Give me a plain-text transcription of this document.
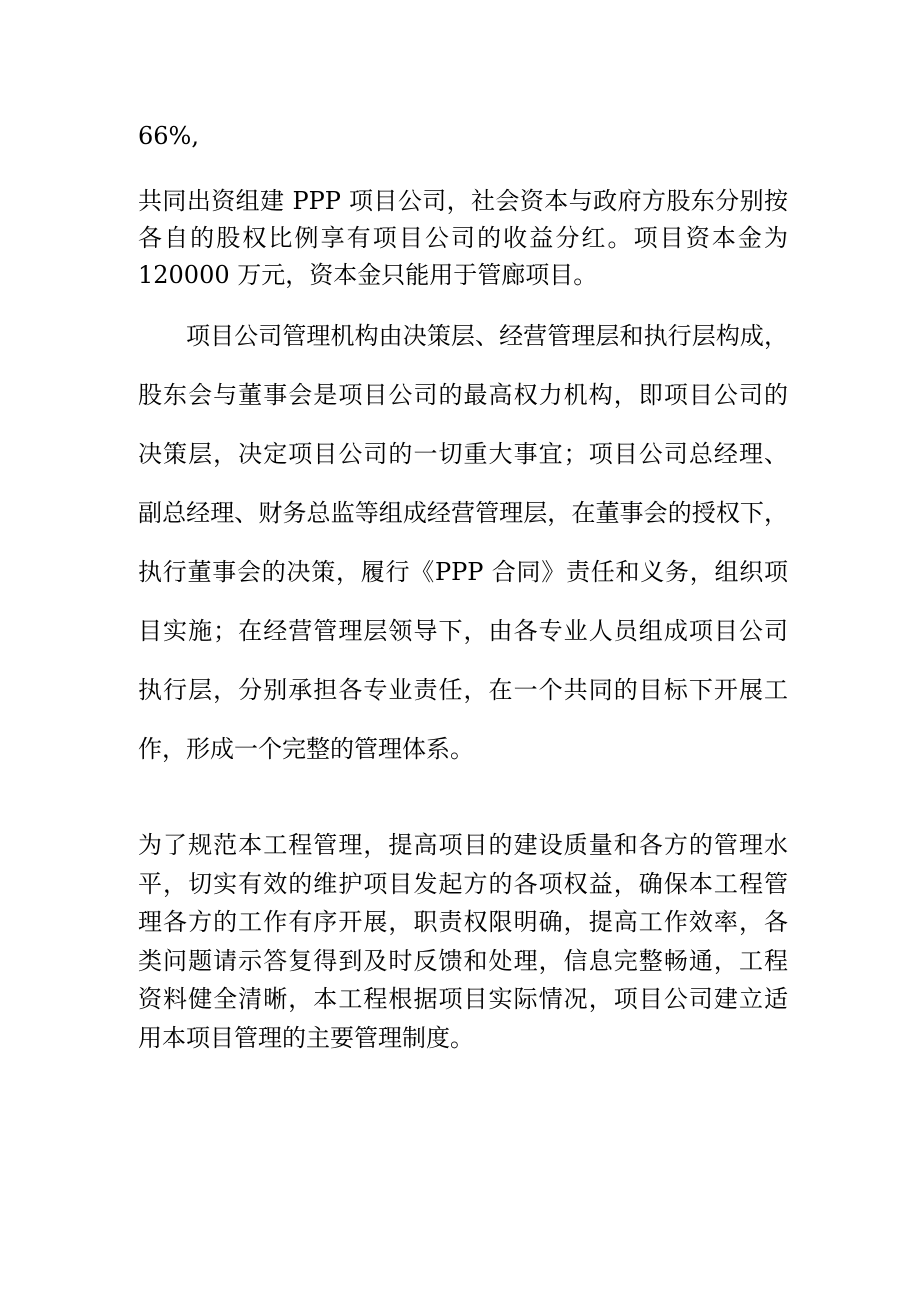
66%,
共同出资组建 PPP 项目公司，社会资本与政府方股东分别按
各自的股权比例享有项目公司的收益分红。项目资本金为
120000 万元，资本金只能用于管廊项目。
项目公司管理机构由决策层、经营管理层和执行层构成，
股东会与董事会是项目公司的最高权力机构，即项目公司的
决策层，决定项目公司的一切重大事宜；项目公司总经理、
副总经理、财务总监等组成经营管理层，在董事会的授权下，
执行董事会的决策，履行《PPP 合同》责任和义务，组织项
目实施；在经营管理层领导下，由各专业人员组成项目公司
执行层，分别承担各专业责任，在一个共同的目标下开展工
作，形成一个完整的管理体系。
为了规范本工程管理，提高项目的建设质量和各方的管理水
平，切实有效的维护项目发起方的各项权益，确保本工程管
理各方的工作有序开展，职责权限明确，提高工作效率，各
类问题请示答复得到及时反馈和处理，信息完整畅通，工程
资料健全清晰，本工程根据项目实际情况，项目公司建立适
用本项目管理的主要管理制度。
